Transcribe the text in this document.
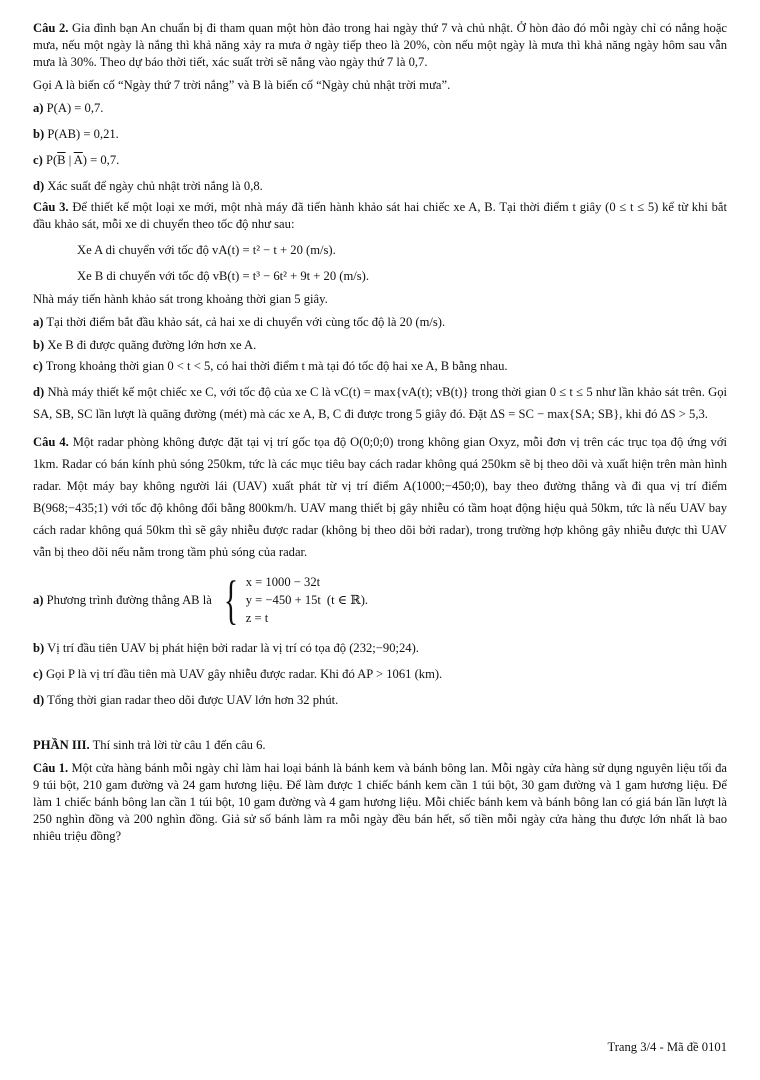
Câu 2. Gia đình bạn An chuẩn bị đi tham quan một hòn đảo trong hai ngày thứ 7 và chủ nhật. Ở hòn đảo đó mỗi ngày chỉ có nắng hoặc mưa, nếu một ngày là nắng thì khả năng xảy ra mưa ở ngày tiếp theo là 20%, còn nếu một ngày là mưa thì khả năng ngày hôm sau vẫn mưa là 30%. Theo dự báo thời tiết, xác suất trời sẽ nắng vào ngày thứ 7 là 0,7.

Gọi A là biến cố “Ngày thứ 7 trời nắng” và B là biến cố “Ngày chủ nhật trời mưa”.

a) P(A) = 0,7.

b) P(AB) = 0,21.

c) $P(\overline{B}$ | $\overline{A}) = 0,7$.

d) Xác suất để ngày chủ nhật trời nắng là 0,8.

Câu 3. Để thiết kế một loại xe mới, một nhà máy đã tiến hành khảo sát hai chiếc xe A, B. Tại thời điểm t giây (0 ≤ t ≤ 5) kể từ khi bắt đầu khảo sát, mỗi xe di chuyển theo tốc độ như sau:

Xe A di chuyển với tốc độ vA(t) = t² − t + 20 (m/s).

Xe B di chuyển với tốc độ vB(t) = t³ − 6t² + 9t + 20 (m/s).

Nhà máy tiến hành khảo sát trong khoảng thời gian 5 giây.

a) Tại thời điểm bắt đầu khảo sát, cả hai xe di chuyển với cùng tốc độ là 20 (m/s).

b) Xe B đi được quãng đường lớn hơn xe A.

c) Trong khoảng thời gian 0 < t < 5, có hai thời điểm t mà tại đó tốc độ hai xe A, B bằng nhau.

d) Nhà máy thiết kế một chiếc xe C, với tốc độ của xe C là vC(t) = max{vA(t); vB(t)} trong thời gian 0 ≤ t ≤ 5 như lần khảo sát trên. Gọi SA, SB, SC lần lượt là quãng đường (mét) mà các xe A, B, C đi được trong 5 giây đó. Đặt ΔS = SC − max{SA; SB}, khi đó ΔS > 5,3.

Câu 4. Một radar phòng không được đặt tại vị trí gốc tọa độ O(0;0;0) trong không gian Oxyz, mỗi đơn vị trên các trục tọa độ ứng với 1km. Radar có bán kính phủ sóng 250km, tức là các mục tiêu bay cách radar không quá 250km sẽ bị theo dõi và xuất hiện trên màn hình radar. Một máy bay không người lái (UAV) xuất phát từ vị trí điểm A(1000;−450;0), bay theo đường thẳng và đi qua vị trí điểm B(968;−435;1) với tốc độ không đổi bằng 800km/h. UAV mang thiết bị gây nhiễu có tầm hoạt động hiệu quả 50km, tức là nếu UAV bay cách radar không quá 50km thì sẽ gây nhiễu được radar (không bị theo dõi bởi radar), trong trường hợp không gây nhiễu được thì UAV vẫn bị theo dõi nếu nằm trong tầm phủ sóng của radar.

a)
Phương trình đường thẳng AB là { x = 1000 − 32t
y = −450 + 15t
z = t
(t ∈ ℝ).

b) Vị trí đầu tiên UAV bị phát hiện bởi radar là vị trí có tọa độ (232;−90;24).

c) Gọi P là vị trí đầu tiên mà UAV gây nhiễu được radar. Khi đó AP > 1061 (km).

d) Tổng thời gian radar theo dõi được UAV lớn hơn 32 phút.

PHẦN III. Thí sinh trả lời từ câu 1 đến câu 6.

Câu 1. Một cửa hàng bánh mỗi ngày chỉ làm hai loại bánh là bánh kem và bánh bông lan. Mỗi ngày cửa hàng sử dụng nguyên liệu tối đa 9 túi bột, 210 gam đường và 24 gam hương liệu. Để làm được 1 chiếc bánh kem cần 1 túi bột, 30 gam đường và 1 gam hương liệu. Để làm 1 chiếc bánh bông lan cần 1 túi bột, 10 gam đường và 4 gam hương liệu. Mỗi chiếc bánh kem và bánh bông lan có giá bán lần lượt là 250 nghìn đồng và 200 nghìn đồng. Giả sử số bánh làm ra mỗi ngày đều bán hết, số tiền mỗi ngày cửa hàng thu được lớn nhất là bao nhiêu triệu đồng?

Trang 3/4 - Mã đề 0101
